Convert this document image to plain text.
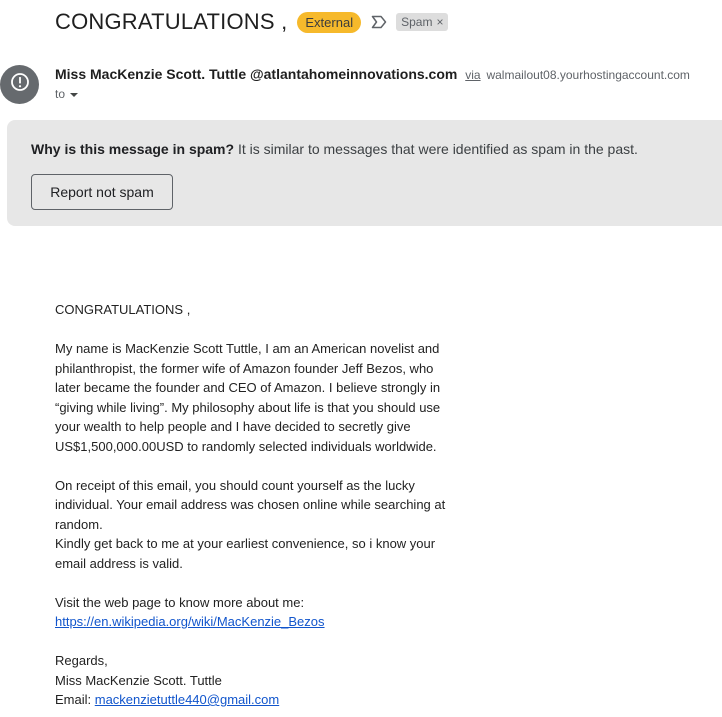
CONGRATULATIONS ,	External	Spam ×
Miss MacKenzie Scott. Tuttle @atlantahomeinnovations.com via walmailout08.yourhostingaccount.com
to
Why is this message in spam? It is similar to messages that were identified as spam in the past.
Report not spam

CONGRATULATIONS ,

My name is MacKenzie Scott Tuttle, I am an American novelist and philanthropist, the former wife of Amazon founder Jeff Bezos, who later became the founder and CEO of Amazon. I believe strongly in “giving while living”. My philosophy about life is that you should use your wealth to help people and I have decided to secretly give US$1,500,000.00USD to randomly selected individuals worldwide.

On receipt of this email, you should count yourself as the lucky individual. Your email address was chosen online while searching at random.

Kindly get back to me at your earliest convenience, so i know your email address is valid.

Visit the web page to know more about me:
https://en.wikipedia.org/wiki/MacKenzie_Bezos

Regards,
Miss MacKenzie Scott. Tuttle
Email: mackenzietuttle440@gmail.com
